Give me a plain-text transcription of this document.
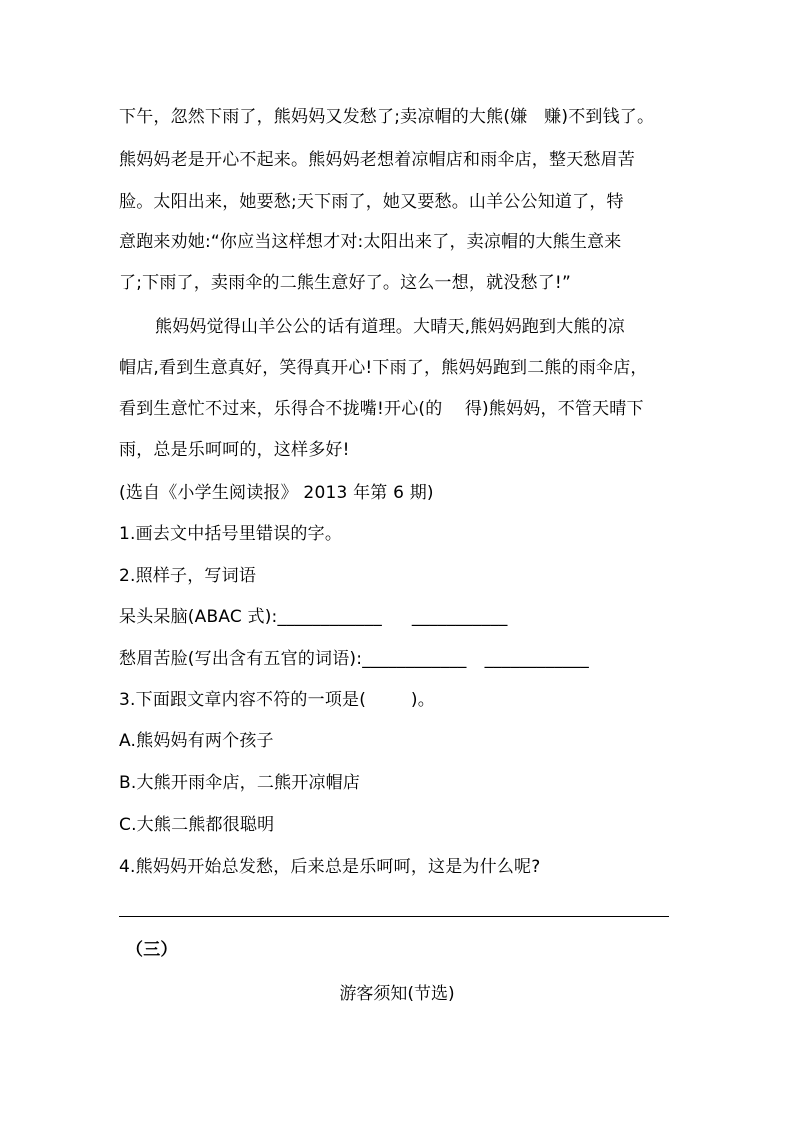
下午，忽然下雨了，熊妈妈又发愁了;卖凉帽的大熊(嫌   赚)不到钱了。
熊妈妈老是开心不起来。熊妈妈老想着凉帽店和雨伞店，整天愁眉苦
脸。太阳出来，她要愁;天下雨了，她又要愁。山羊公公知道了，特
意跑来劝她:“你应当这样想才对:太阳出来了，卖凉帽的大熊生意来
了;下雨了，卖雨伞的二熊生意好了。这么一想，就没愁了!”
熊妈妈觉得山羊公公的话有道理。大晴天,熊妈妈跑到大熊的凉
帽店,看到生意真好，笑得真开心!下雨了，熊妈妈跑到二熊的雨伞店，
看到生意忙不过来，乐得合不拢嘴!开心(的    得)熊妈妈，不管天晴下
雨，总是乐呵呵的，这样多好!
(选自《小学生阅读报》 2013 年第 6 期)
1.画去文中括号里错误的字。
2.照样子，写词语
呆头呆脑(ABAC 式):____________ ___________
愁眉苦脸(写出含有五官的词语):____________ ____________
3.下面跟文章内容不符的一项是(        )。
A.熊妈妈有两个孩子
B.大熊开雨伞店，二熊开凉帽店
C.大熊二熊都很聪明
4.熊妈妈开始总发愁，后来总是乐呵呵，这是为什么呢?
（三）
游客须知(节选)
